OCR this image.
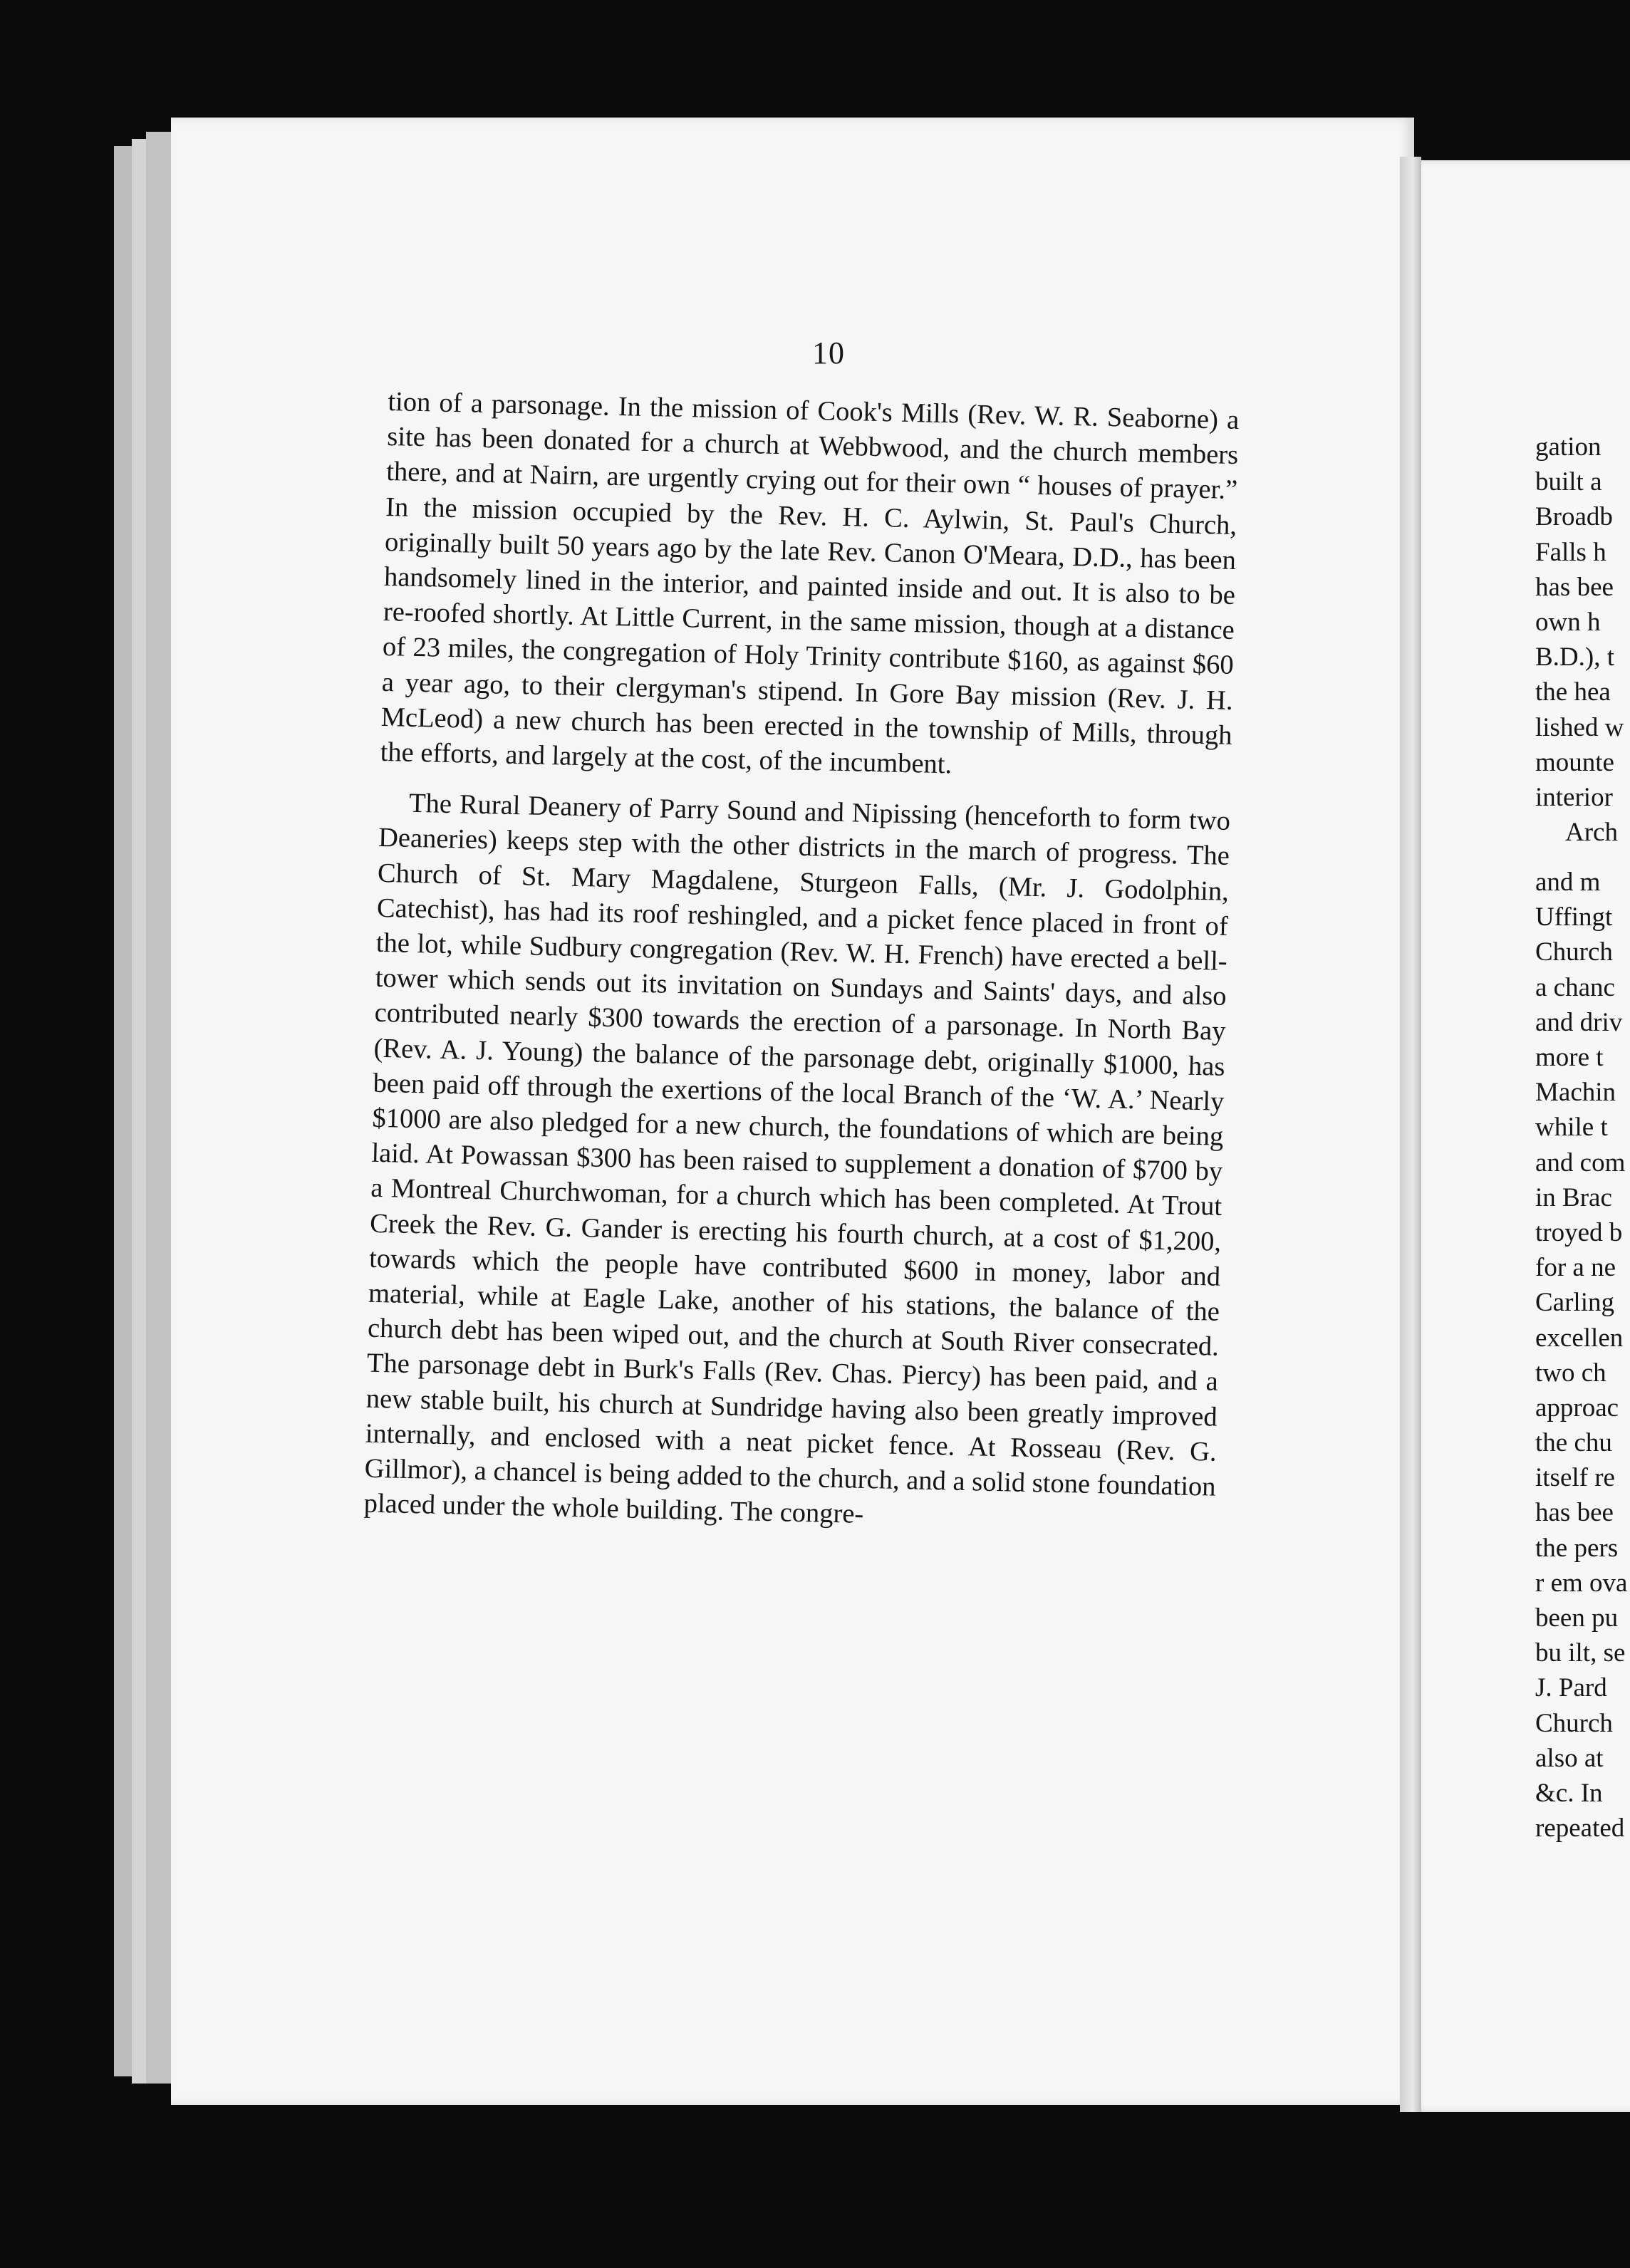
10

tion of a parsonage. In the mission of Cook's Mills (Rev. W. R. Seaborne) a site has been donated for a church at Webbwood, and the church members there, and at Nairn, are urgently crying out for their own “ houses of prayer.” In the mission occupied by the Rev. H. C. Aylwin, St. Paul's Church, originally built 50 years ago by the late Rev. Canon O'Meara, D.D., has been handsomely lined in the interior, and painted inside and out. It is also to be re-roofed shortly. At Little Current, in the same mission, though at a distance of 23 miles, the congregation of Holy Trinity contribute $160, as against $60 a year ago, to their clergyman's stipend. In Gore Bay mission (Rev. J. H. McLeod) a new church has been erected in the township of Mills, through the efforts, and largely at the cost, of the incumbent.

The Rural Deanery of Parry Sound and Nipissing (henceforth to form two Deaneries) keeps step with the other districts in the march of progress. The Church of St. Mary Magdalene, Sturgeon Falls, (Mr. J. Godolphin, Catechist), has had its roof reshingled, and a picket fence placed in front of the lot, while Sudbury congregation (Rev. W. H. French) have erected a bell-tower which sends out its invitation on Sundays and Saints' days, and also contributed nearly $300 towards the erection of a parsonage. In North Bay (Rev. A. J. Young) the balance of the parsonage debt, originally $1000, has been paid off through the exertions of the local Branch of the ‘W. A.’ Nearly $1000 are also pledged for a new church, the foundations of which are being laid. At Powassan $300 has been raised to supplement a donation of $700 by a Montreal Churchwoman, for a church which has been completed. At Trout Creek the Rev. G. Gander is erecting his fourth church, at a cost of $1,200, towards which the people have contributed $600 in money, labor and material, while at Eagle Lake, another of his stations, the balance of the church debt has been wiped out, and the church at South River consecrated. The parsonage debt in Burk's Falls (Rev. Chas. Piercy) has been paid, and a new stable built, his church at Sundridge having also been greatly improved internally, and enclosed with a neat picket fence. At Rosseau (Rev. G. Gillmor), a chancel is being added to the church, and a solid stone foundation placed under the whole building. The congre-

gation
built a
Broadb
Falls h
has bee
own h
B.D.), t
the hea
lished w
mounte
interior
Arch
and m
Uffingt
Church
a chanc
and driv
more t
Machin
while t
and com
in Brac
troyed b
for a ne
Carling
excellen
two ch
approac
the chu
itself re
has bee
the pers
r em ova
been pu
bu ilt, se
J. Pard
Church
also at
&c. In
repeated
